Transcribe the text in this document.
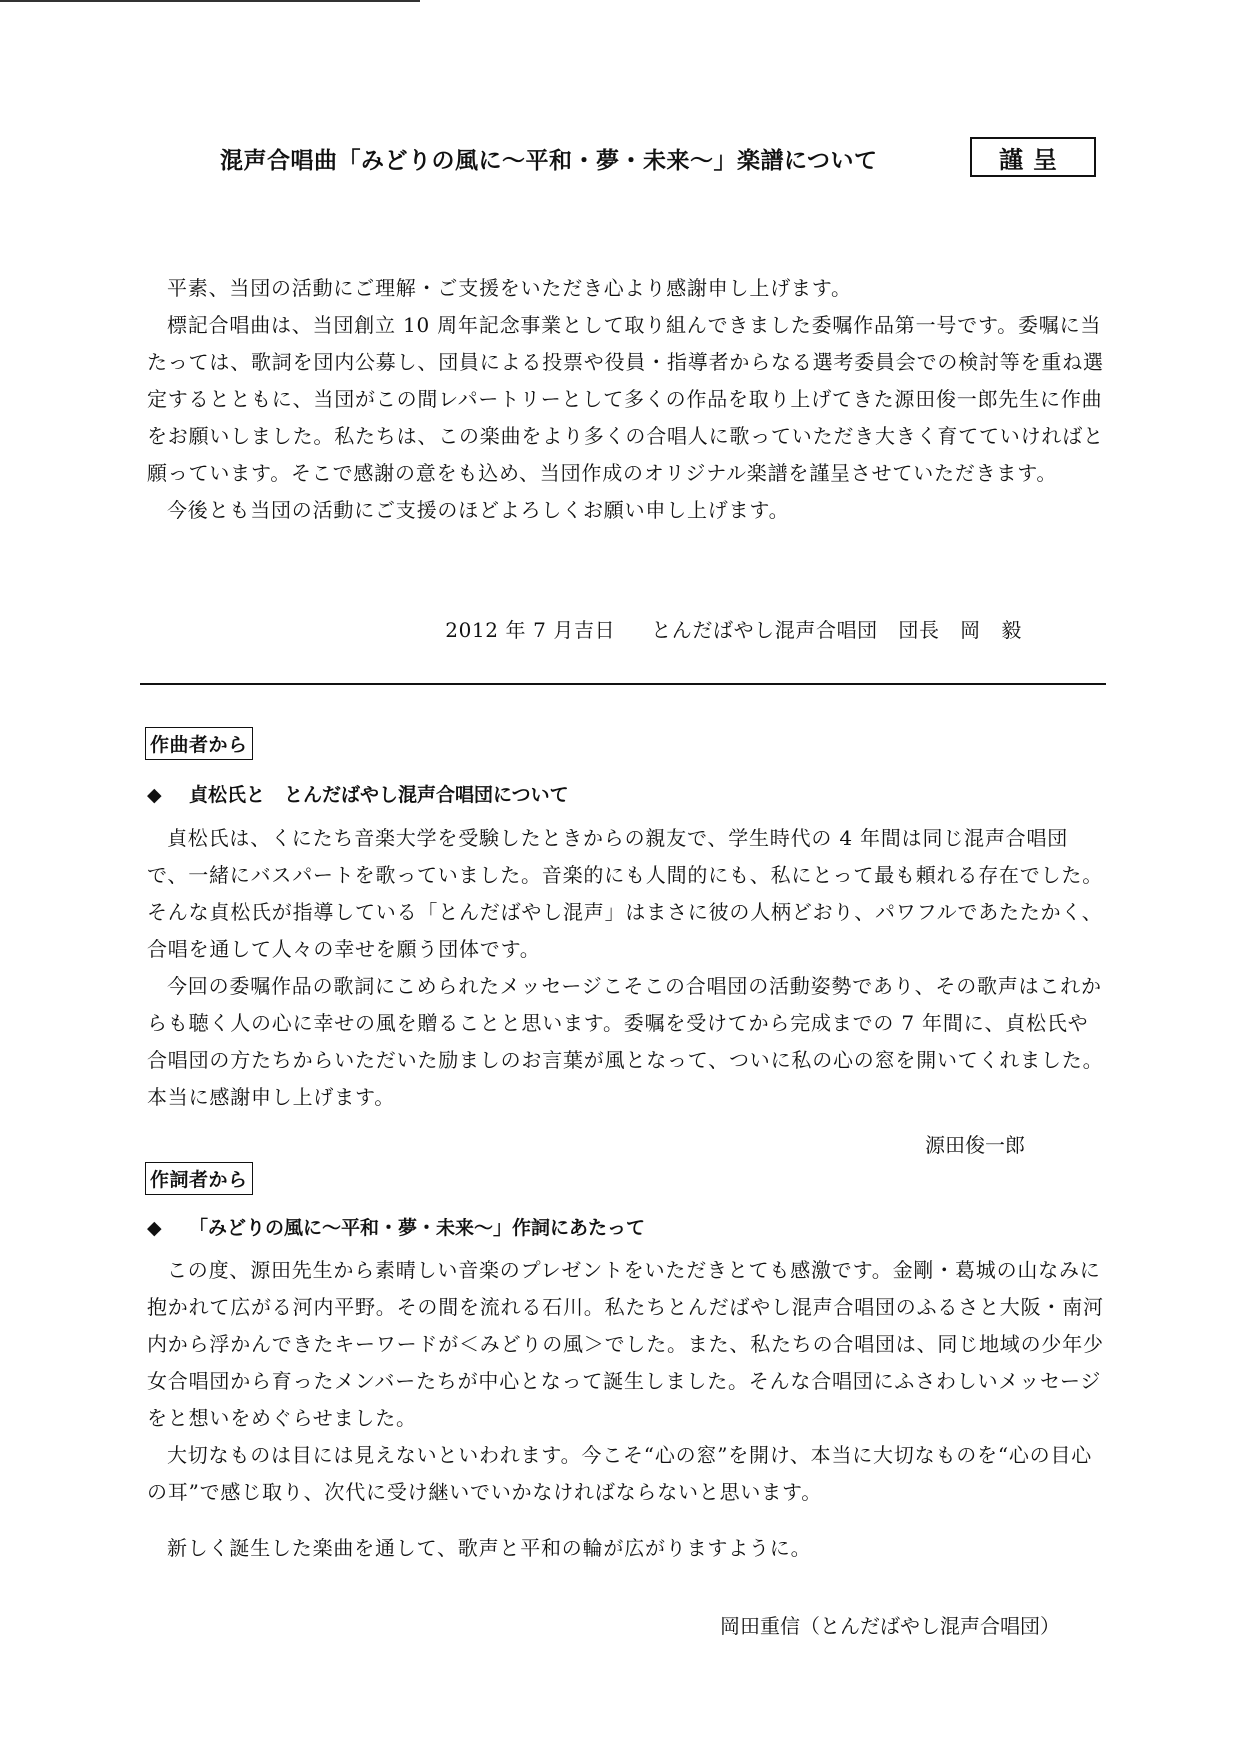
混声合唱曲「みどりの風に～平和・夢・未来～」楽譜について	謹呈

平素、当団の活動にご理解・ご支援をいただき心より感謝申し上げます。

標記合唱曲は、当団創立 10 周年記念事業として取り組んできました委嘱作品第一号です。委嘱に当たっては、歌詞を団内公募し、団員による投票や役員・指導者からなる選考委員会での検討等を重ね選定するとともに、当団がこの間レパートリーとして多くの作品を取り上げてきた源田俊一郎先生に作曲をお願いしました。私たちは、この楽曲をより多くの合唱人に歌っていただき大きく育てていければと願っています。そこで感謝の意をも込め、当団作成のオリジナル楽譜を謹呈させていただきます。

今後とも当団の活動にご支援のほどよろしくお願い申し上げます。

2012 年 7 月吉日 とんだばやし混声合唱団　団長　岡　毅
作曲者から
◆ 貞松氏と　とんだばやし混声合唱団について

貞松氏は、くにたち音楽大学を受験したときからの親友で、学生時代の 4 年間は同じ混声合唱団で、一緒にバスパートを歌っていました。音楽的にも人間的にも、私にとって最も頼れる存在でした。そんな貞松氏が指導している「とんだばやし混声」はまさに彼の人柄どおり、パワフルであたたかく、合唱を通して人々の幸せを願う団体です。

今回の委嘱作品の歌詞にこめられたメッセージこそこの合唱団の活動姿勢であり、その歌声はこれからも聴く人の心に幸せの風を贈ることと思います。委嘱を受けてから完成までの 7 年間に、貞松氏や合唱団の方たちからいただいた励ましのお言葉が風となって、ついに私の心の窓を開いてくれました。本当に感謝申し上げます。

源田俊一郎
作詞者から
◆ 「みどりの風に～平和・夢・未来～」作詞にあたって

この度、源田先生から素晴しい音楽のプレゼントをいただきとても感激です。金剛・葛城の山なみに抱かれて広がる河内平野。その間を流れる石川。私たちとんだばやし混声合唱団のふるさと大阪・南河内から浮かんできたキーワードが＜みどりの風＞でした。また、私たちの合唱団は、同じ地域の少年少女合唱団から育ったメンバーたちが中心となって誕生しました。そんな合唱団にふさわしいメッセージをと想いをめぐらせました。

大切なものは目には見えないといわれます。今こそ“心の窓”を開け、本当に大切なものを“心の目心の耳”で感じ取り、次代に受け継いでいかなければならないと思います。

新しく誕生した楽曲を通して、歌声と平和の輪が広がりますように。
岡田重信（とんだばやし混声合唱団）
